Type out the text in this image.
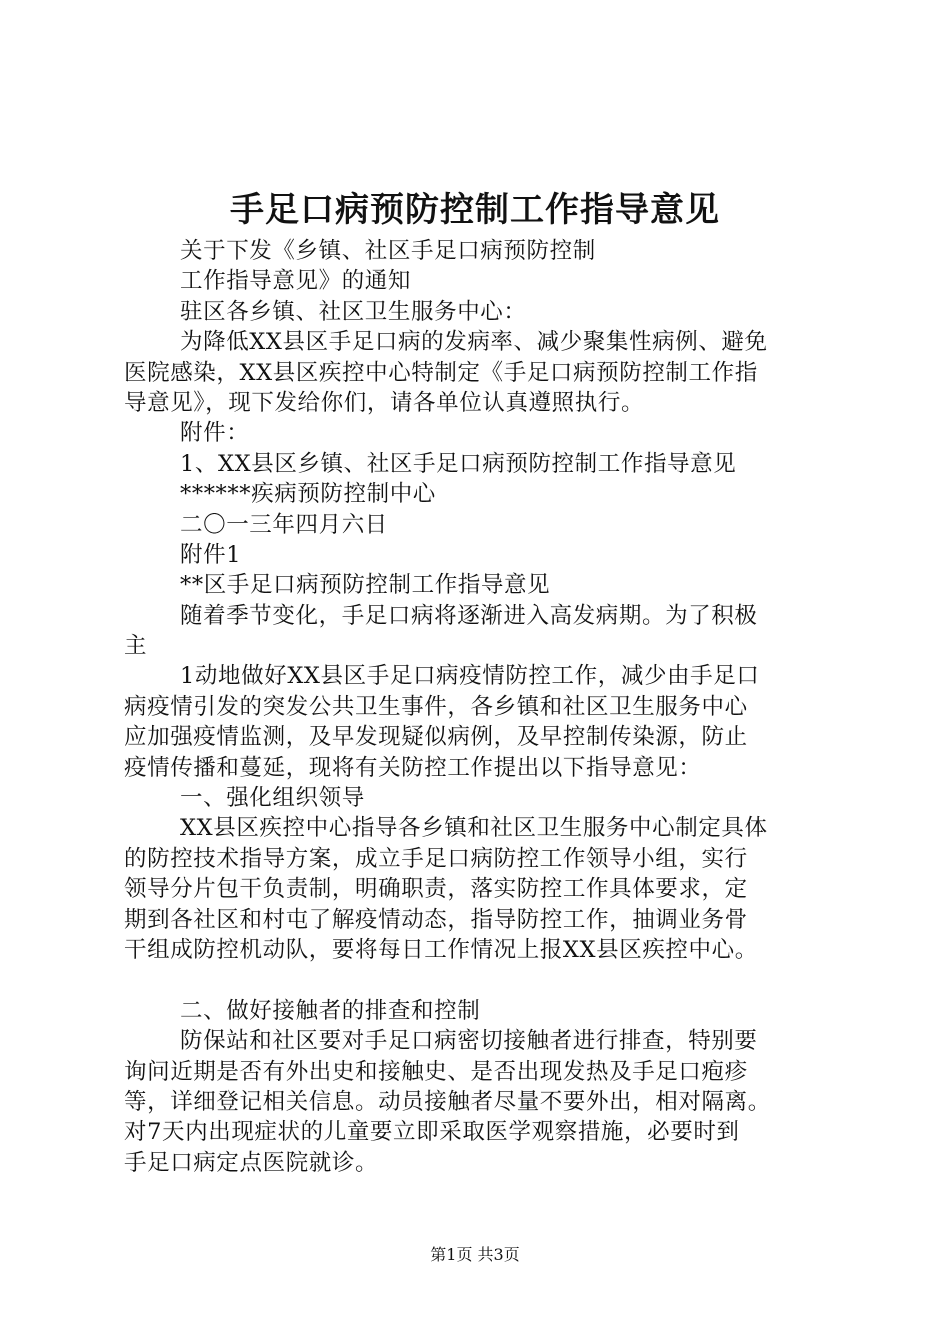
手足口病预防控制工作指导意见
关于下发《乡镇、社区手足口病预防控制
工作指导意见》的通知
驻区各乡镇、社区卫生服务中心：
为降低XX县区手足口病的发病率、减少聚集性病例、避免
医院感染，XX县区疾控中心特制定《手足口病预防控制工作指
导意见》，现下发给你们，请各单位认真遵照执行。
附件：
1、XX县区乡镇、社区手足口病预防控制工作指导意见
******疾病预防控制中心
二〇一三年四月六日
附件1
**区手足口病预防控制工作指导意见
随着季节变化，手足口病将逐渐进入高发病期。为了积极
主
1动地做好XX县区手足口病疫情防控工作，减少由手足口
病疫情引发的突发公共卫生事件，各乡镇和社区卫生服务中心
应加强疫情监测，及早发现疑似病例，及早控制传染源，防止
疫情传播和蔓延，现将有关防控工作提出以下指导意见：
一、强化组织领导
XX县区疾控中心指导各乡镇和社区卫生服务中心制定具体
的防控技术指导方案，成立手足口病防控工作领导小组，实行
领导分片包干负责制，明确职责，落实防控工作具体要求，定
期到各社区和村屯了解疫情动态，指导防控工作，抽调业务骨
干组成防控机动队，要将每日工作情况上报XX县区疾控中心。
二、做好接触者的排查和控制
防保站和社区要对手足口病密切接触者进行排查，特别要
询问近期是否有外出史和接触史、是否出现发热及手足口疱疹
等，详细登记相关信息。动员接触者尽量不要外出，相对隔离。
对7天内出现症状的儿童要立即采取医学观察措施，必要时到
手足口病定点医院就诊。
第1页 共3页
